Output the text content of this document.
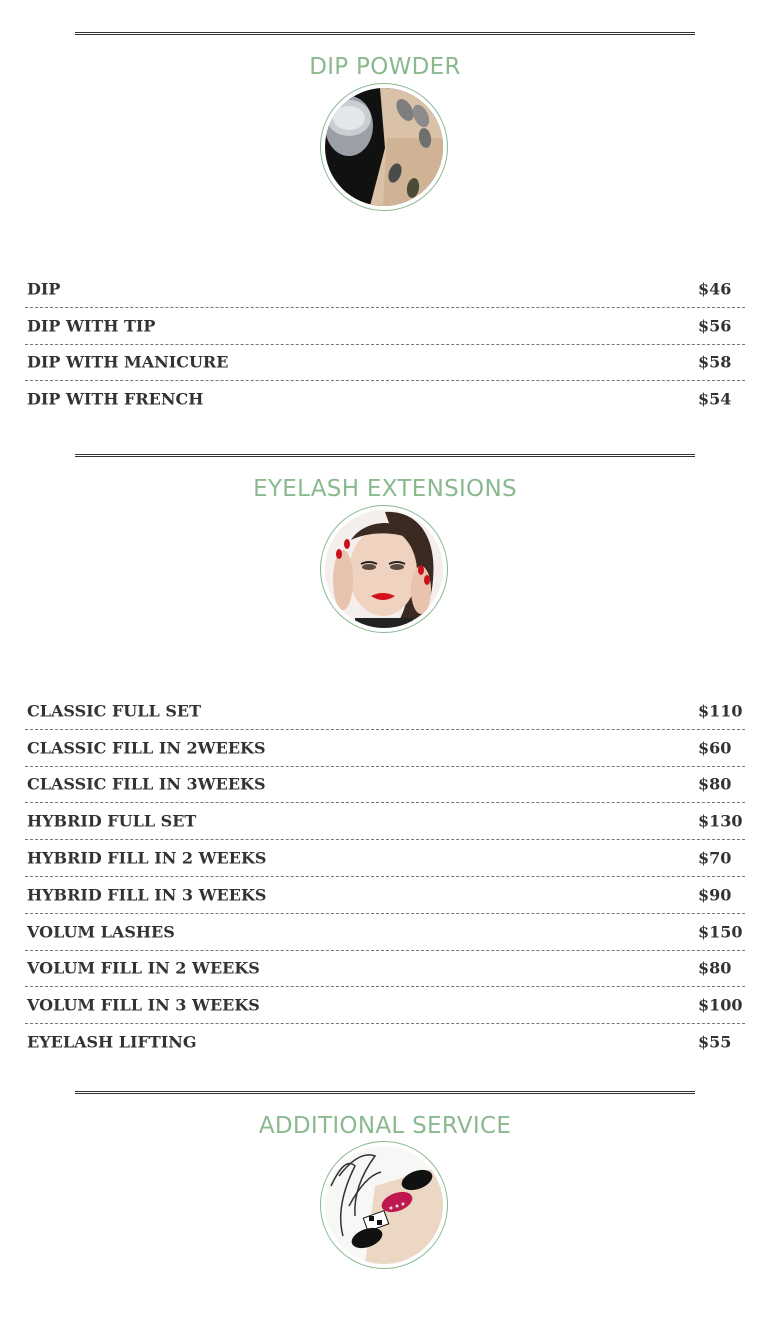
DIP POWDER
DIP	$46
DIP WITH TIP	$56
DIP WITH MANICURE	$58
DIP WITH FRENCH	$54
EYELASH EXTENSIONS
CLASSIC FULL SET	$110
CLASSIC FILL IN 2WEEKS	$60
CLASSIC FILL IN 3WEEKS	$80
HYBRID FULL SET	$130
HYBRID FILL IN 2 WEEKS	$70
HYBRID FILL IN 3 WEEKS	$90
VOLUM LASHES	$150
VOLUM FILL IN 2 WEEKS	$80
VOLUM FILL IN 3 WEEKS	$100
EYELASH LIFTING	$55
ADDITIONAL SERVICE
